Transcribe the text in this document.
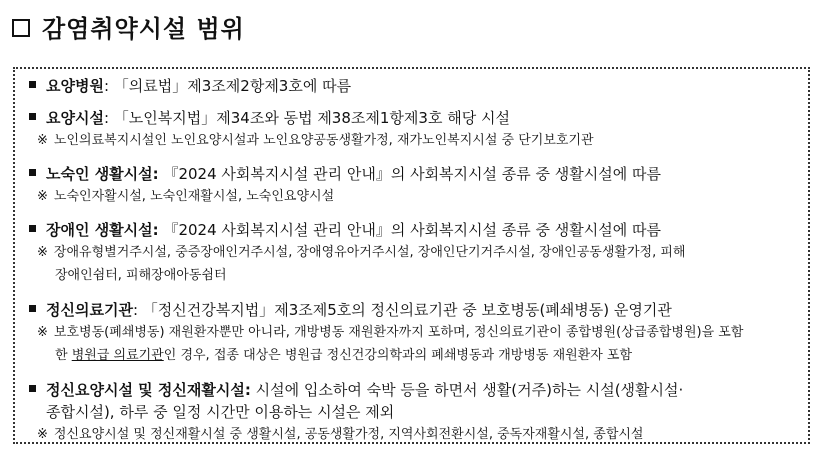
감염취약시설 범위
요양병원: 「의료법」제3조제2항제3호에 따름
요양시설: 「노인복지법」제34조와 동법 제38조제1항제3호 해당 시설
※ 노인의료복지시설인 노인요양시설과 노인요양공동생활가정, 재가노인복지시설 중 단기보호기관
노숙인 생활시설: 『2024 사회복지시설 관리 안내』의 사회복지시설 종류 중 생활시설에 따름
※ 노숙인자활시설, 노숙인재활시설, 노숙인요양시설
장애인 생활시설: 『2024 사회복지시설 관리 안내』의 사회복지시설 종류 중 생활시설에 따름
※ 장애유형별거주시설, 중증장애인거주시설, 장애영유아거주시설, 장애인단기거주시설, 장애인공동생활가정, 피해
장애인쉼터, 피해장애아동쉼터
정신의료기관: 「정신건강복지법」제3조제5호의 정신의료기관 중 보호병동(폐쇄병동) 운영기관
※ 보호병동(폐쇄병동) 재원환자뿐만 아니라, 개방병동 재원환자까지 포하며, 정신의료기관이 종합병원(상급종합병원)을 포함
한 병원급 의료기관인 경우, 접종 대상은 병원급 정신건강의학과의 폐쇄병동과 개방병동 재원환자 포함
정신요양시설 및 정신재활시설: 시설에 입소하여 숙박 등을 하면서 생활(거주)하는 시설(생활시설·
종합시설), 하루 중 일정 시간만 이용하는 시설은 제외
※ 정신요양시설 및 정신재활시설 중 생활시설, 공동생활가정, 지역사회전환시설, 중독자재활시설, 종합시설
